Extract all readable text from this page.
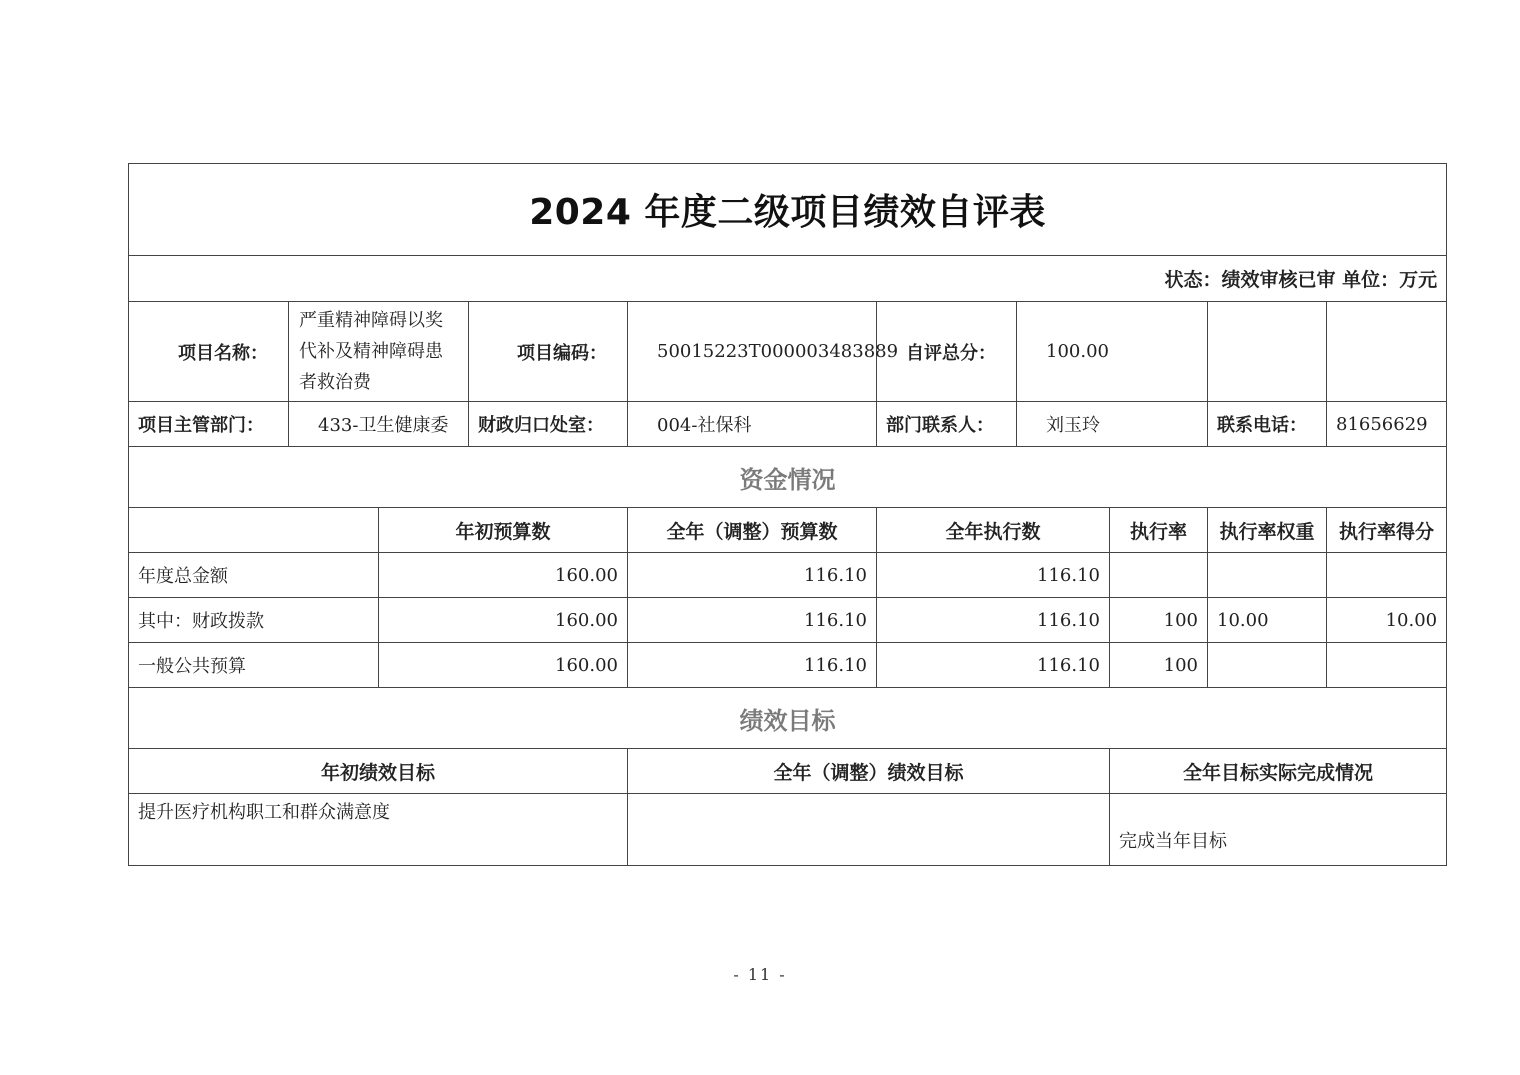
2024 年度二级项目绩效自评表									
状态：绩效审核已审 单位：万元									
项目名称：	严重精神障碍以奖代补及精神障碍患者救治费		项目编码：	50015223T000003483889	自评总分：	100.00			
项目主管部门：	433-卫生健康委		财政归口处室：	004-社保科	部门联系人：	刘玉玲		联系电话：	81656629
资金情况									
		年初预算数		全年（调整）预算数	全年执行数		执行率	执行率权重	执行率得分
年度总金额		160.00		116.10	116.10				
其中：财政拨款		160.00		116.10	116.10		100	10.00	10.00
一般公共预算		160.00		116.10	116.10		100		
绩效目标									
年初绩效目标				全年（调整）绩效目标			全年目标实际完成情况		
提升医疗机构职工和群众满意度							完成当年目标		
- 11 -
